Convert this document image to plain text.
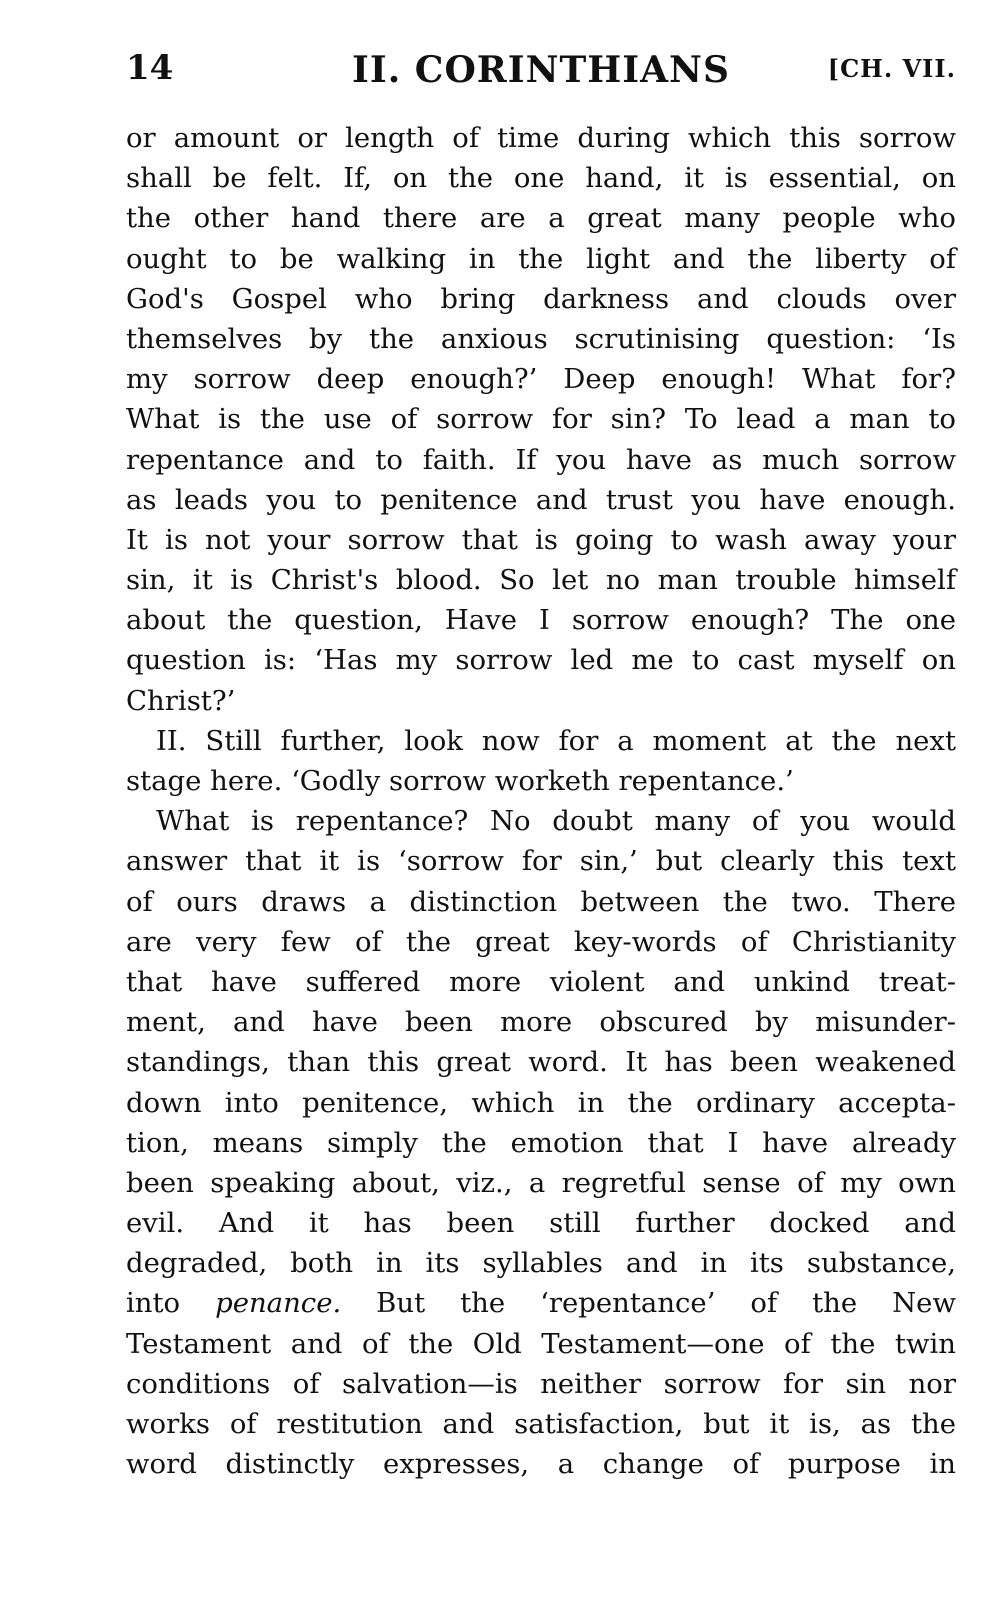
14	II. CORINTHIANS	[CH. VII.
or amount or length of time during which this sorrow
shall be felt. If, on the one hand, it is essential, on
the other hand there are a great many people who
ought to be walking in the light and the liberty of
God's Gospel who bring darkness and clouds over
themselves by the anxious scrutinising question: ‘Is
my sorrow deep enough?’ Deep enough! What for?
What is the use of sorrow for sin? To lead a man to
repentance and to faith. If you have as much sorrow
as leads you to penitence and trust you have enough.
It is not your sorrow that is going to wash away your
sin, it is Christ's blood. So let no man trouble himself
about the question, Have I sorrow enough? The one
question is: ‘Has my sorrow led me to cast myself on
Christ?’
II. Still further, look now for a moment at the next
stage here. ‘Godly sorrow worketh repentance.’
What is repentance? No doubt many of you would
answer that it is ‘sorrow for sin,’ but clearly this text
of ours draws a distinction between the two. There
are very few of the great key-words of Christianity
that have suffered more violent and unkind treat-
ment, and have been more obscured by misunder-
standings, than this great word. It has been weakened
down into penitence, which in the ordinary accepta-
tion, means simply the emotion that I have already
been speaking about, viz., a regretful sense of my own
evil. And it has been still further docked and
degraded, both in its syllables and in its substance,
into penance. But the ‘repentance’ of the New
Testament and of the Old Testament—one of the twin
conditions of salvation—is neither sorrow for sin nor
works of restitution and satisfaction, but it is, as the
word distinctly expresses, a change of purpose in
